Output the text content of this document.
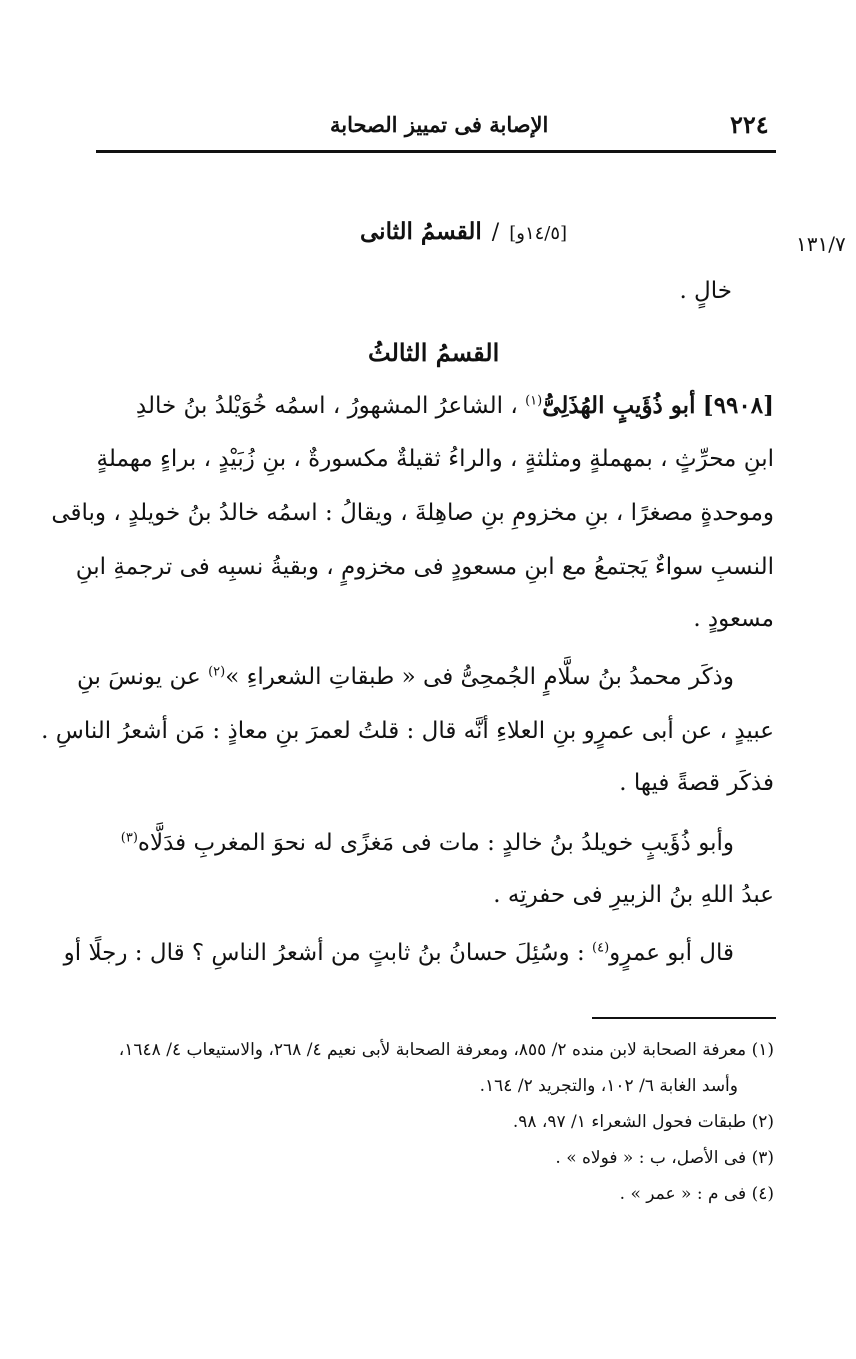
٢٢٤
الإصابة فى تمييز الصحابة
١٣١/٧
القسمُ الثانى / [١٤/٥و]
خالٍ .
القسمُ الثالثُ
[٩٩٠٨] أبو ذُؤَيبٍ الهُذَلِىُّ$^{(١)}$ ، الشاعرُ المشهورُ ، اسمُه خُوَيْلدُ بنُ خالدِ
ابنِ محرِّثٍ ، بمهملةٍ ومثلثةٍ ، والراءُ ثقيلةٌ مكسورةٌ ، بنِ زُبَيْدٍ ، براءٍ مهملةٍ
وموحدةٍ مصغرًا ، بنِ مخزومِ بنِ صاهِلةَ ، ويقالُ : اسمُه خالدُ بنُ خويلدٍ ، وباقى
النسبِ سواءٌ يَجتمعُ مع ابنِ مسعودٍ فى مخزومٍ ، وبقيةُ نسبِه فى ترجمةِ ابنِ
مسعودٍ .
وذكَر محمدُ بنُ سلَّامٍ الجُمحِىُّ فى « طبقاتِ الشعراءِ »$^{(٢)}$ عن يونسَ بنِ
عبيدٍ ، عن أبى عمرٍو بنِ العلاءِ أنَّه قال : قلتُ لعمرَ بنِ معاذٍ : مَن أشعرُ الناسِ .
فذكَر قصةً فيها .
وأبو ذُؤَيبٍ خويلدُ بنُ خالدٍ : مات فى مَغزًى له نحوَ المغربِ فدَلَّاه$^{(٣)}$
عبدُ اللهِ بنُ الزبيرِ فى حفرتِه .
قال أبو عمرٍو$^{(٤)}$ : وسُئِلَ حسانُ بنُ ثابتٍ من أشعرُ الناسِ ؟ قال : رجلًا أو
(١) معرفة الصحابة لابن منده ٢/ ٨٥٥، ومعرفة الصحابة لأبى نعيم ٤/ ٢٦٨، والاستيعاب ٤/ ١٦٤٨،
وأسد الغابة ٦/ ١٠٢، والتجريد ٢/ ١٦٤.
(٢) طبقات فحول الشعراء ١/ ٩٧، ٩٨.
(٣) فى الأصل، ب : « فولاه » .
(٤) فى م : « عمر » .
